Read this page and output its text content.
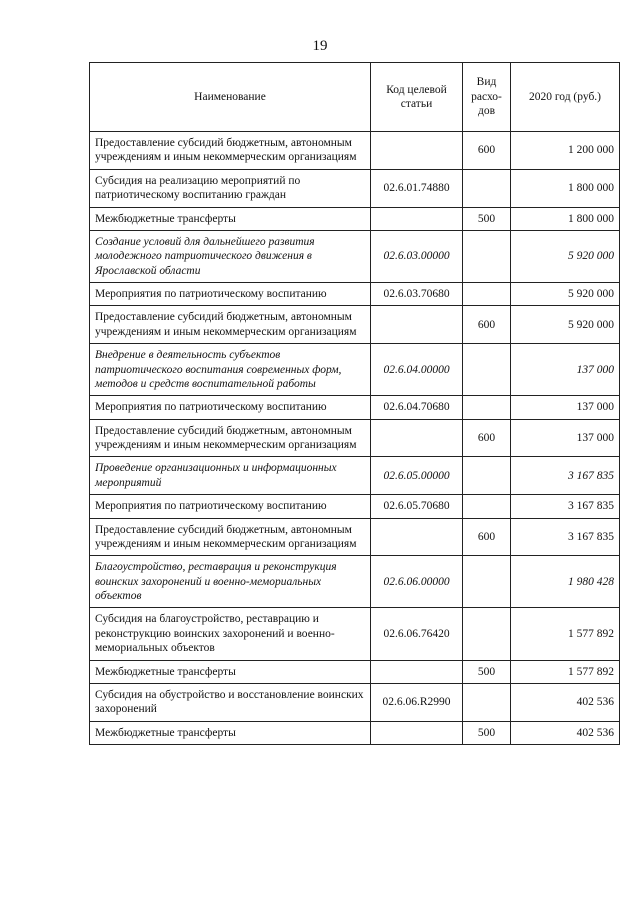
19
Наименование	Код целевой статьи	Вид расхо-дов	2020 год (руб.)
Предоставление субсидий бюджетным, автономным учреждениям и иным некоммерческим организациям		600	1 200 000
Субсидия на реализацию мероприятий по патриотическому воспитанию граждан	02.6.01.74880		1 800 000
Межбюджетные трансферты		500	1 800 000
Создание условий для дальнейшего развития молодежного патриотического движения в Ярославской области	02.6.03.00000		5 920 000
Мероприятия по патриотическому воспитанию	02.6.03.70680		5 920 000
Предоставление субсидий бюджетным, автономным учреждениям и иным некоммерческим организациям		600	5 920 000
Внедрение в деятельность субъектов патриотического воспитания современных форм, методов и средств воспитательной работы	02.6.04.00000		137 000
Мероприятия по патриотическому воспитанию	02.6.04.70680		137 000
Предоставление субсидий бюджетным, автономным учреждениям и иным некоммерческим организациям		600	137 000
Проведение организационных и информационных мероприятий	02.6.05.00000		3 167 835
Мероприятия по патриотическому воспитанию	02.6.05.70680		3 167 835
Предоставление субсидий бюджетным, автономным учреждениям и иным некоммерческим организациям		600	3 167 835
Благоустройство, реставрация и реконструкция воинских захоронений и военно-мемориальных объектов	02.6.06.00000		1 980 428
Субсидия на благоустройство, реставрацию и реконструкцию воинских захоронений и военно-мемориальных объектов	02.6.06.76420		1 577 892
Межбюджетные трансферты		500	1 577 892
Субсидия на обустройство и восстановление воинских захоронений	02.6.06.R2990		402 536
Межбюджетные трансферты		500	402 536
